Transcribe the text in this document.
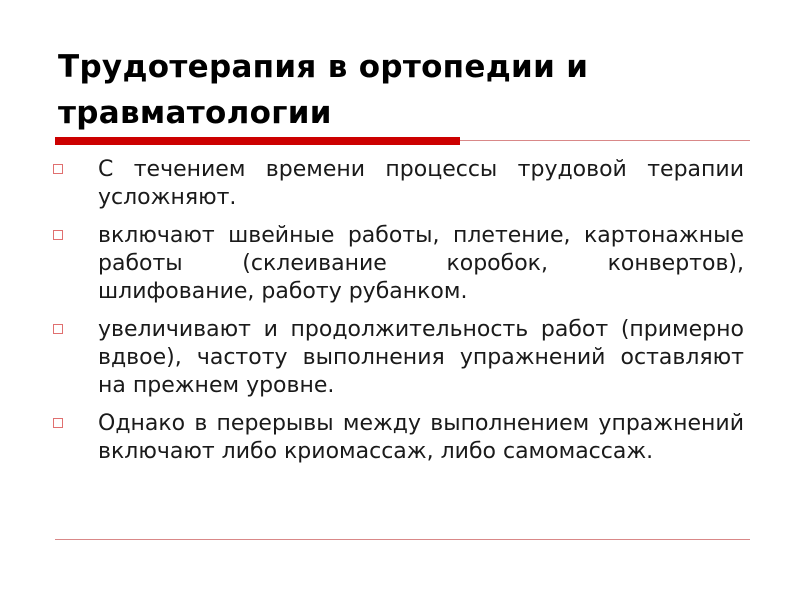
Трудотерапия в ортопедии и травматологии
С течением времени процессы трудовой терапии усложняют.
включают швейные работы, плетение, картонажные работы (склеивание коробок, конвертов), шлифование, работу рубанком.
увеличивают и продолжительность работ (примерно вдвое), частоту выполнения упражнений оставляют на прежнем уровне.
Однако в перерывы между выполнением упражнений включают либо криомассаж, либо самомассаж.
